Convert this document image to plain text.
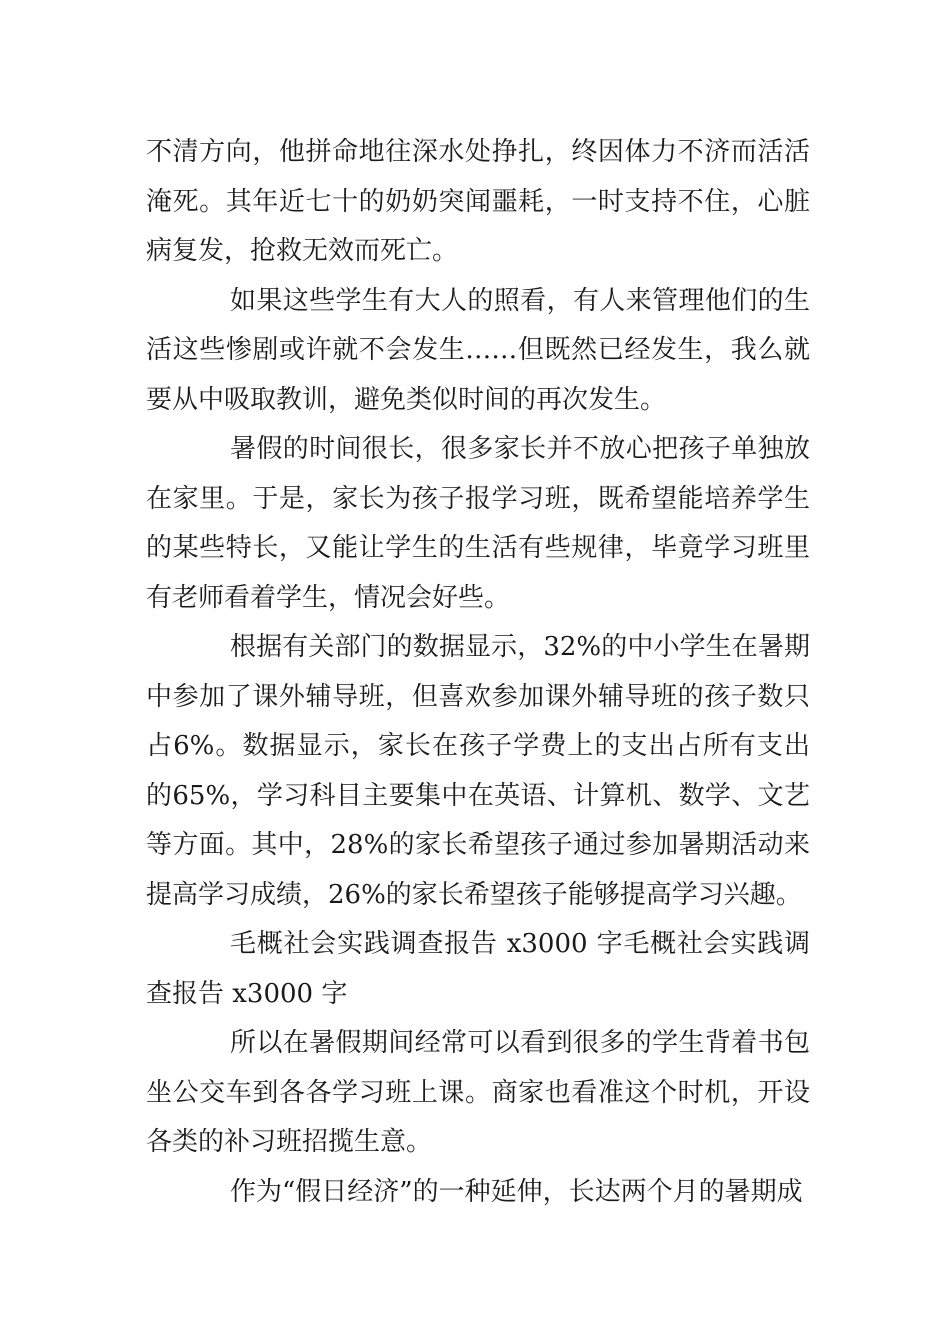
不清方向，他拼命地往深水处挣扎，终因体力不济而活活淹死。其年近七十的奶奶突闻噩耗，一时支持不住，心脏病复发，抢救无效而死亡。

如果这些学生有大人的照看，有人来管理他们的生活这些惨剧或许就不会发生……但既然已经发生，我么就要从中吸取教训，避免类似时间的再次发生。

暑假的时间很长，很多家长并不放心把孩子单独放在家里。于是，家长为孩子报学习班，既希望能培养学生的某些特长，又能让学生的生活有些规律，毕竟学习班里有老师看着学生，情况会好些。

根据有关部门的数据显示，32%的中小学生在暑期中参加了课外辅导班，但喜欢参加课外辅导班的孩子数只占6%。数据显示，家长在孩子学费上的支出占所有支出的65%，学习科目主要集中在英语、计算机、数学、文艺等方面。其中，28%的家长希望孩子通过参加暑期活动来提高学习成绩，26%的家长希望孩子能够提高学习兴趣。

毛概社会实践调查报告 x3000 字毛概社会实践调查报告 x3000 字

所以在暑假期间经常可以看到很多的学生背着书包坐公交车到各各学习班上课。商家也看准这个时机，开设各类的补习班招揽生意。

作为“假日经济”的一种延伸，长达两个月的暑期成
